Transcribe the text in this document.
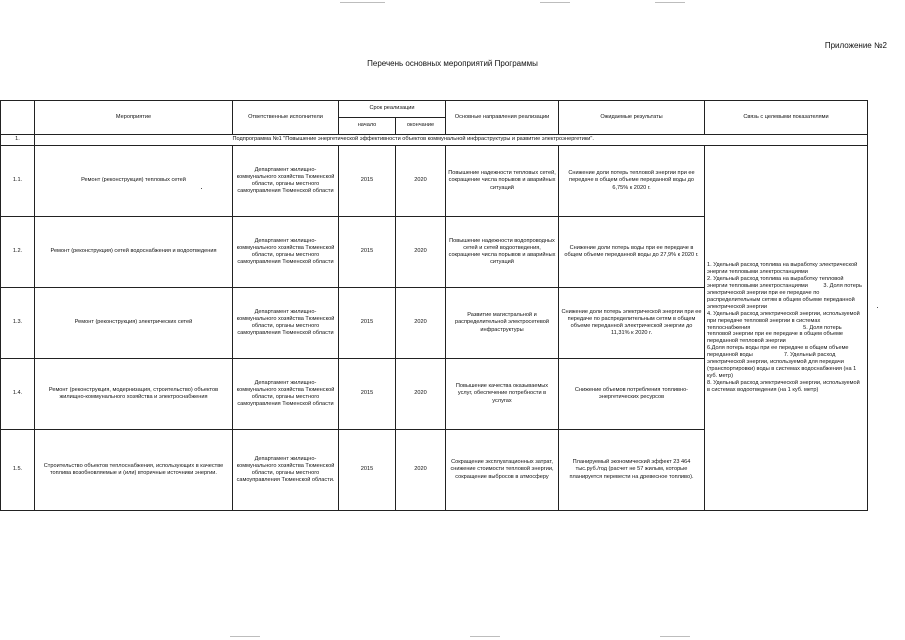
Приложение №2
Перечень основных мероприятий Программы
	Мероприятие	Ответственные исполнители	Срок реализации		Основные направления реализации	Ожидаемые результаты	Связь с целевыми показателями
			начало	окончание			
1.		Подпрограмма №1 "Повышение энергетической эффективности объектов коммунальной инфраструктуры и развитие электроэнергетики".					
1.1.	Ремонт (реконструкция) тепловых сетей	Департамент жилищно-коммунального хозяйства Тюменской области, органы местного самоуправления Тюменской области	2015	2020	Повышение надежности тепловых сетей, сокращение числа порывов и аварийных ситуаций	Снижение доли потерь тепловой энергии при ее передаче в общем объеме переданной воды до 6,75% к 2020 г.	1. Удельный расход топлива на выработку электрической энергии тепловыми электростанциями
2. Удельный расход топлива на выработку тепловой энергии тепловыми электростанциями          3. Доля потерь электрической энергии при ее передаче по распределительным сетям в общем объеме переданной электрической энергии
4. Удельный расход электрической энергии, используемой при передаче тепловой энергии в системах теплоснабжения                                  5. Доля потерь тепловой энергии при ее передаче в общем объеме переданной тепловой энергии
6.Доля потерь воды при ее передаче в общем объеме переданной воды                    7. Удельный расход электрической энергии, используемой для передачи (транспортировки) воды в системах водоснабжения (на 1 куб. метр)
8. Удельный расход электрической энергии, используемой в системах водоотведения (на 1 куб. метр)
1.2.	Ремонт (реконструкция) сетей водоснабжения и водоотведения	Департамент жилищно-коммунального хозяйства Тюменской области, органы местного самоуправления Тюменской области	2015	2020	Повышение надежности водопроводных сетей и сетей водоотведения, сокращение числа порывов и аварийных ситуаций	Снижение доли потерь воды при ее передаче в общем объеме переданной воды до 27,9% к 2020 г.	
1.3.	Ремонт (реконструкция) электрических сетей	Департамент жилищно-коммунального хозяйства Тюменской области, органы местного самоуправления Тюменской области	2015	2020	Развитие магистральной и распределительной электросетевой инфраструктуры	Снижение доли потерь электрической энергии при ее передаче по распределительным сетям в общем объеме переданной электрической энергии до 11,31% к 2020 г.	
1.4.	Ремонт (реконструкция, модернизация, строительство) объектов жилищно-коммунального хозяйства и электроснабжения	Департамент жилищно-коммунального хозяйства Тюменской области, органы местного самоуправления Тюменской области	2015	2020	Повышение качества оказываемых услуг, обеспечение потребности в услугах	Снижение объемов потребления топливно-энергетических ресурсов	
1.5.	Строительство объектов теплоснабжения, использующих в качестве топлива возобновляемые и (или) вторичные источники энергии.	Департамент жилищно-коммунального хозяйства Тюменской области, органы местного самоуправления Тюменской области.	2015	2020	Сокращение эксплуатационных затрат, снижение стоимости тепловой энергии, сокращение выбросов в атмосферу	Планируемый экономический эффект 23 464 тыс.руб./год (расчет не 57 жилым, которые планируется перевести на древесное топливо).	
·
·
